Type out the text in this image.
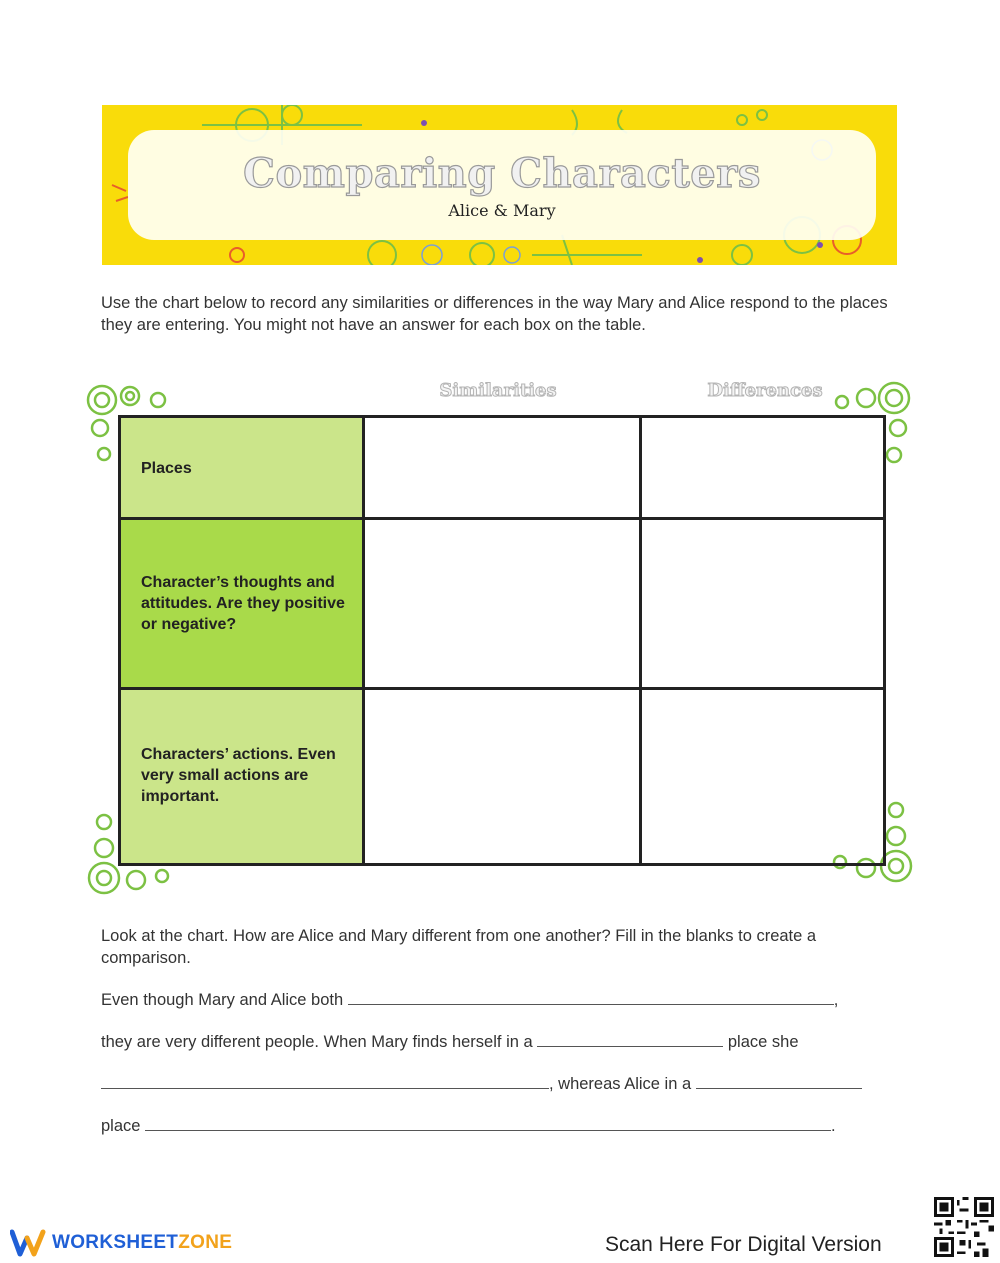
Comparing Characters
Alice & Mary

Use the chart below to record any similarities or differences in the way Mary and Alice respond to the places they are entering. You might not have an answer for each box on the table.

Similarities	Differences
Places
Character’s thoughts and attitudes. Are they positive or negative?
Characters’ actions. Even very small actions are important.

Look at the chart. How are Alice and Mary different from one another? Fill in the blanks to create a comparison.

Even though Mary and Alice both	,
they are very different people. When Mary finds herself in a	place she
, whereas Alice in a
place	.
WORKSHEETZONE	Scan Here For Digital Version
